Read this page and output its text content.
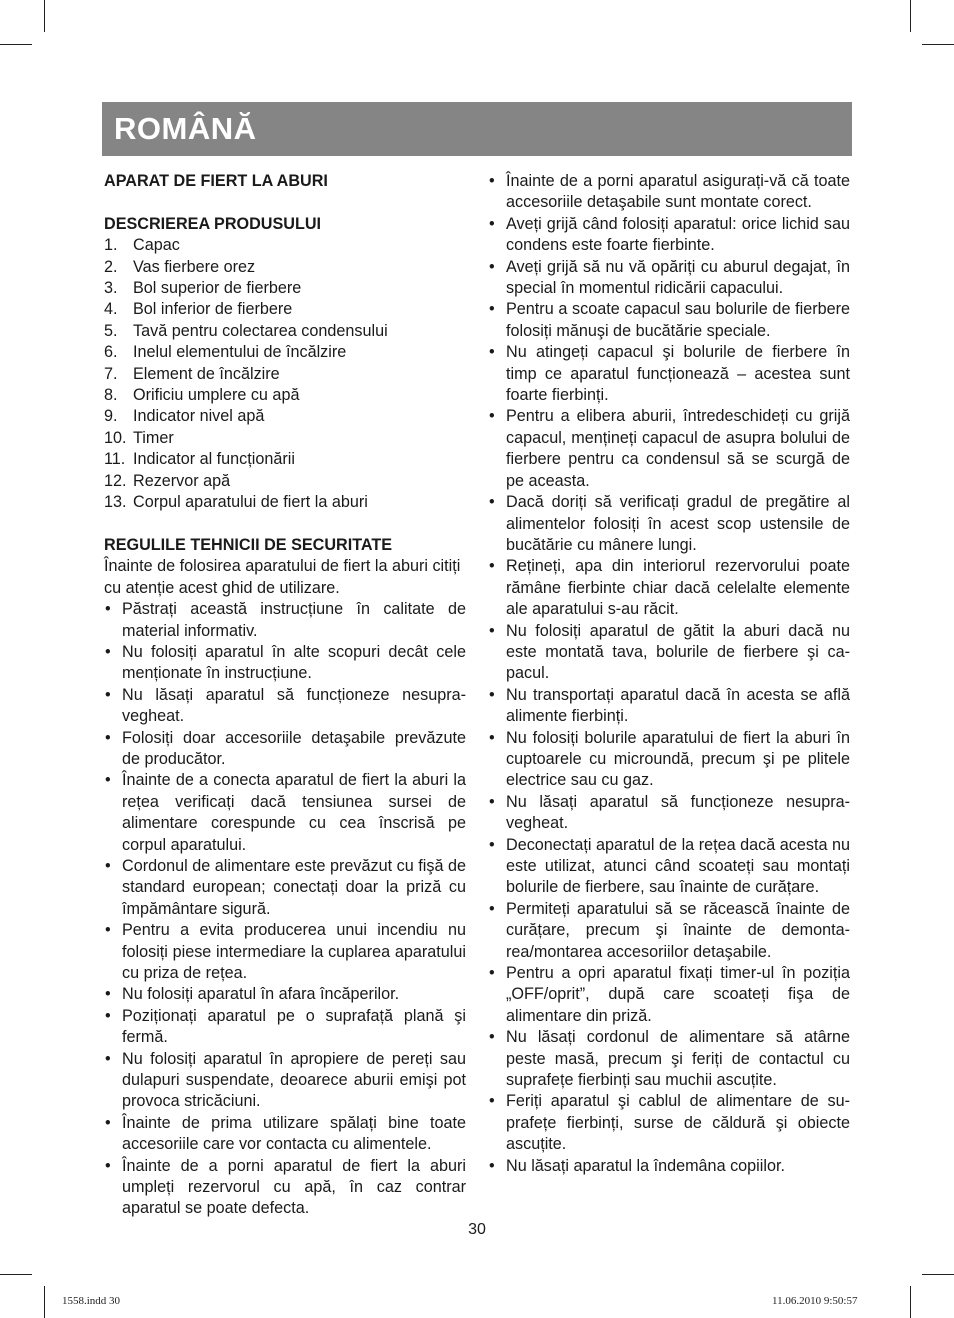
ROMÂNĂ

APARAT DE FIERT LA ABURI

DESCRIEREA PRODUSULUI

1. Capac
2. Vas fierbere orez
3. Bol superior de fierbere
4. Bol inferior de fierbere
5. Tavă pentru colectarea condensului
6. Inelul elementului de încălzire
7. Element de încălzire
8. Orificiu umplere cu apă
9. Indicator nivel apă
10. Timer
11. Indicator al funcționării
12. Rezervor apă
13. Corpul aparatului de fiert la aburi

REGULILE TEHNICII DE SECURITATE

Înainte de folosirea aparatului de fiert la aburi citiți cu atenție acest ghid de utilizare.

• Păstrați această instrucțiune în calitate de material informativ.
• Nu folosiți aparatul în alte scopuri decât cele menționate în instrucțiune.
• Nu lăsați aparatul să funcționeze nesupravegheat.
• Folosiți doar accesoriile detaşabile prevăzute de producător.
• Înainte de a conecta aparatul de fiert la aburi la rețea verificați dacă tensiunea sursei de alimentare corespunde cu cea înscrisă pe corpul aparatului.
• Cordonul de alimentare este prevăzut cu fişă de standard european; conectați doar la priză cu împământare sigură.
• Pentru a evita producerea unui incendiu nu folosiți piese intermediare la cuplarea aparatului cu priza de rețea.
• Nu folosiți aparatul în afara încăperilor.
• Poziționați aparatul pe o suprafață plană şi fermă.
• Nu folosiți aparatul în apropiere de pereți sau dulapuri suspendate, deoarece aburii emişi pot provoca stricăciuni.
• Înainte de prima utilizare spălați bine toate accesoriile care vor contacta cu alimentele.
• Înainte de a porni aparatul de fiert la aburi umpleți rezervorul cu apă, în caz contrar aparatul se poate defecta.
• Înainte de a porni aparatul asigurați-vă că toate accesoriile detaşabile sunt montate corect.
• Aveți grijă când folosiți aparatul: orice lichid sau condens este foarte fierbinte.
• Aveți grijă să nu vă opăriți cu aburul degajat, în special în momentul ridicării capacului.
• Pentru a scoate capacul sau bolurile de fierbere folosiți mănuşi de bucătărie speciale.
• Nu atingeți capacul şi bolurile de fierbere în timp ce aparatul funcționează – acestea sunt foarte fierbinți.
• Pentru a elibera aburii, întredeschideți cu grijă capacul, mențineți capacul de asupra bolului de fierbere pentru ca condensul să se scurgă de pe aceasta.
• Dacă doriți să verificați gradul de pregătire al alimentelor folosiți în acest scop ustensile de bucătărie cu mânere lungi.
• Rețineți, apa din interiorul rezervorului poate rămâne fierbinte chiar dacă celelalte elemente ale aparatului s-au răcit.
• Nu folosiți aparatul de gătit la aburi dacă nu este montată tava, bolurile de fierbere şi capacul.
• Nu transportați aparatul dacă în acesta se află alimente fierbinți.
• Nu folosiți bolurile aparatului de fiert la aburi în cuptoarele cu microundă, precum şi pe plitele electrice sau cu gaz.
• Nu lăsați aparatul să funcționeze nesupravegheat.
• Deconectați aparatul de la rețea dacă acesta nu este utilizat, atunci când scoateți sau montați bolurile de fierbere, sau înainte de curățare.
• Permiteți aparatului să se răcească înainte de curățare, precum şi înainte de demontarea/montarea accesoriilor detaşabile.
• Pentru a opri aparatul fixați timer-ul în poziția „OFF/oprit”, după care scoateți fişa de alimentare din priză.
• Nu lăsați cordonul de alimentare să atârne peste masă, precum şi feriți de contactul cu suprafețe fierbinți sau muchii ascuțite.
• Feriți aparatul şi cablul de alimentare de suprafețe fierbinți, surse de căldură şi obiecte ascuțite.
• Nu lăsați aparatul la îndemâna copiilor.
30
1558.indd 30	11.06.2010 9:50:57
